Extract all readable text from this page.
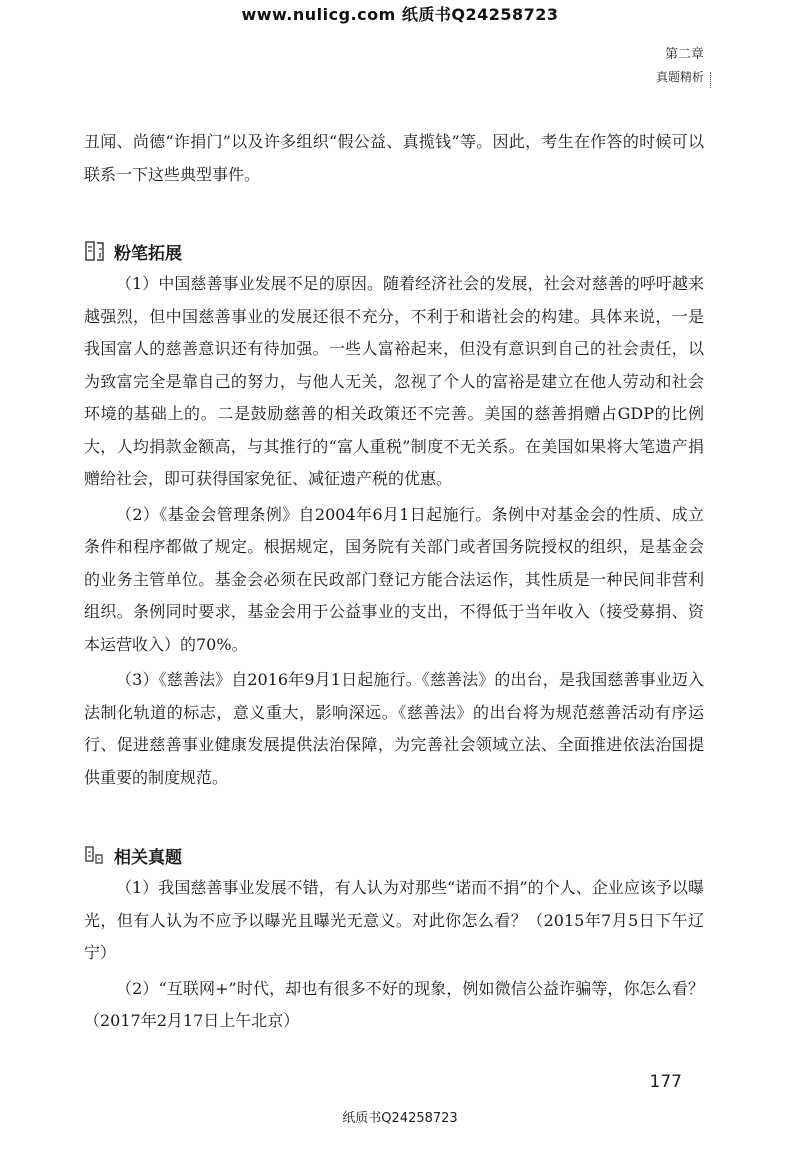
www.nulicg.com 纸质书Q24258723
第二章
真题精析

丑闻、尚德“诈捐门”以及许多组织“假公益、真揽钱”等。因此，考生在作答的时候可以联系一下这些典型事件。

粉笔拓展

（1）中国慈善事业发展不足的原因。随着经济社会的发展，社会对慈善的呼吁越来越强烈，但中国慈善事业的发展还很不充分，不利于和谐社会的构建。具体来说，一是我国富人的慈善意识还有待加强。一些人富裕起来，但没有意识到自己的社会责任，以为致富完全是靠自己的努力，与他人无关，忽视了个人的富裕是建立在他人劳动和社会环境的基础上的。二是鼓励慈善的相关政策还不完善。美国的慈善捐赠占GDP的比例大，人均捐款金额高，与其推行的“富人重税”制度不无关系。在美国如果将大笔遗产捐赠给社会，即可获得国家免征、减征遗产税的优惠。

（2）《基金会管理条例》自2004年6月1日起施行。条例中对基金会的性质、成立条件和程序都做了规定。根据规定，国务院有关部门或者国务院授权的组织，是基金会的业务主管单位。基金会必须在民政部门登记方能合法运作，其性质是一种民间非营利组织。条例同时要求，基金会用于公益事业的支出，不得低于当年收入（接受募捐、资本运营收入）的70%。

（3）《慈善法》自2016年9月1日起施行。《慈善法》的出台，是我国慈善事业迈入法制化轨道的标志，意义重大，影响深远。《慈善法》的出台将为规范慈善活动有序运行、促进慈善事业健康发展提供法治保障，为完善社会领域立法、全面推进依法治国提供重要的制度规范。

相关真题

（1）我国慈善事业发展不错，有人认为对那些“诺而不捐”的个人、企业应该予以曝光，但有人认为不应予以曝光且曝光无意义。对此你怎么看？（2015年7月5日下午辽宁）

（2）“互联网+”时代，却也有很多不好的现象，例如微信公益诈骗等，你怎么看？（2017年2月17日上午北京）

177
纸质书Q24258723
